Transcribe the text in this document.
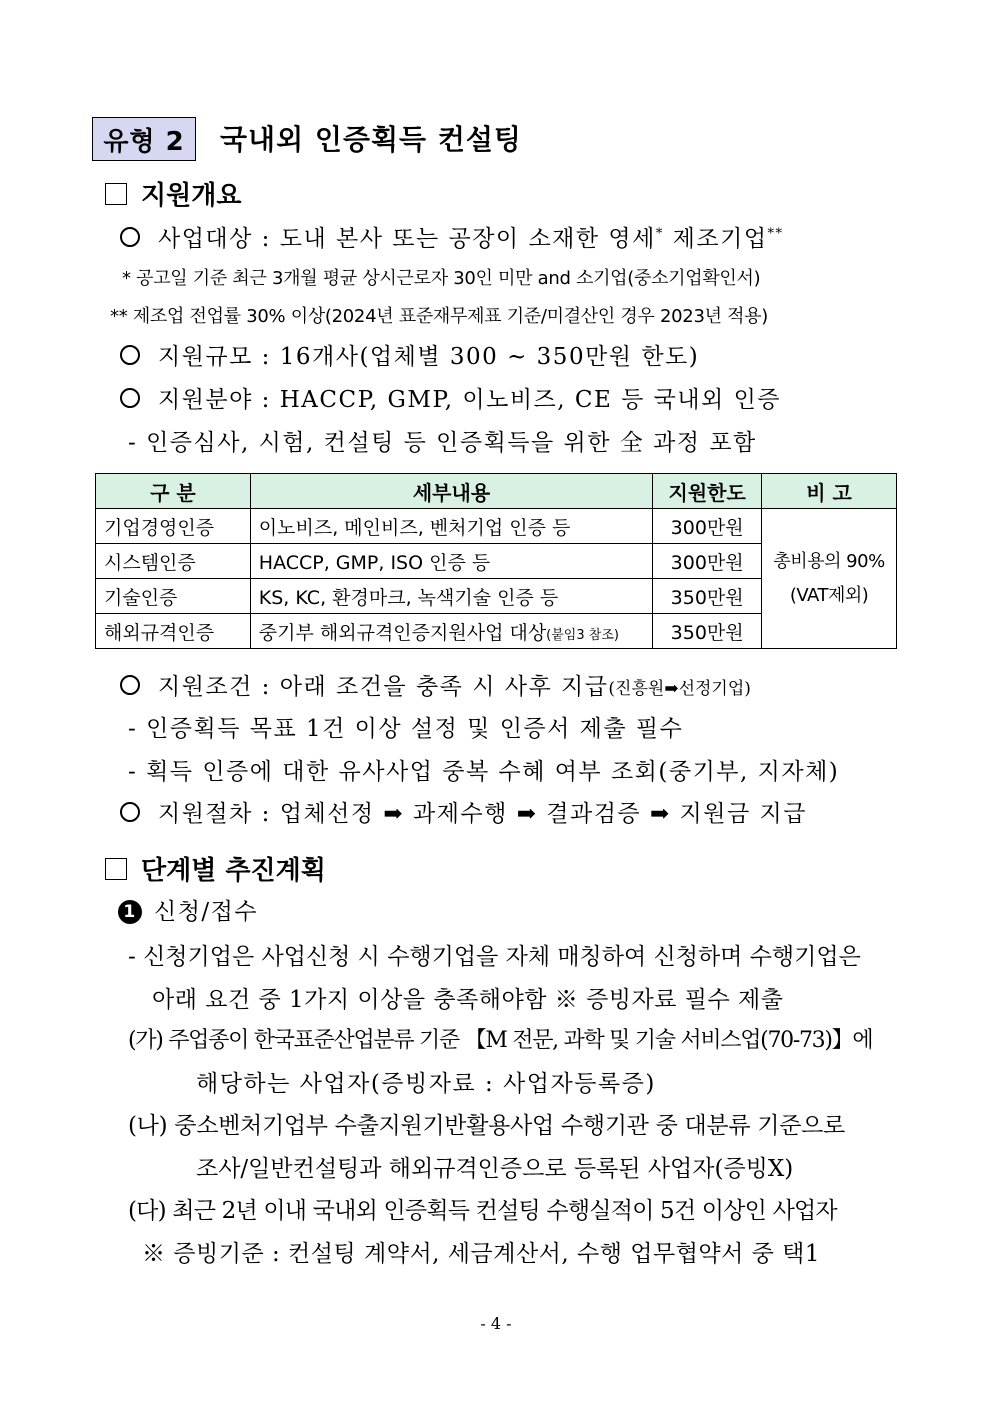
유형 2 국내외 인증획득 컨설팅
지원개요
사업대상 : 도내 본사 또는 공장이 소재한 영세* 제조기업**
* 공고일 기준 최근 3개월 평균 상시근로자 30인 미만 and 소기업(중소기업확인서)
** 제조업 전업률 30% 이상(2024년 표준재무제표 기준/미결산인 경우 2023년 적용)
지원규모 : 16개사(업체별 300 ~ 350만원 한도)
지원분야 : HACCP, GMP, 이노비즈, CE 등 국내외 인증
- 인증심사, 시험, 컨설팅 등 인증획득을 위한 全 과정 포함
구 분	세부내용	지원한도	비 고
기업경영인증	이노비즈, 메인비즈, 벤처기업 인증 등	300만원	총비용의 90%
(VAT제외)

시스템인증	HACCP, GMP, ISO 인증 등	300만원	
기술인증	KS, KC, 환경마크, 녹색기술 인증 등	350만원	
해외규격인증	중기부 해외규격인증지원사업 대상(붙임3 참조)	350만원	
지원조건 : 아래 조건을 충족 시 사후 지급(진흥원➡선정기업)
- 인증획득 목표 1건 이상 설정 및 인증서 제출 필수
- 획득 인증에 대한 유사사업 중복 수혜 여부 조회(중기부, 지자체)
지원절차 : 업체선정 ➡ 과제수행 ➡ 결과검증 ➡ 지원금 지급
단계별 추진계획
1 신청/접수
- 신청기업은 사업신청 시 수행기업을 자체 매칭하여 신청하며 수행기업은
아래 요건 중 1가지 이상을 충족해야함 ※ 증빙자료 필수 제출
(가) 주업종이 한국표준산업분류 기준 【M 전문, 과학 및 기술 서비스업(70-73)】에
해당하는 사업자(증빙자료 : 사업자등록증)
(나) 중소벤처기업부 수출지원기반활용사업 수행기관 중 대분류 기준으로
조사/일반컨설팅과 해외규격인증으로 등록된 사업자(증빙X)
(다) 최근 2년 이내 국내외 인증획득 컨설팅 수행실적이 5건 이상인 사업자
※ 증빙기준 : 컨설팅 계약서, 세금계산서, 수행 업무협약서 중 택1
- 4 -
